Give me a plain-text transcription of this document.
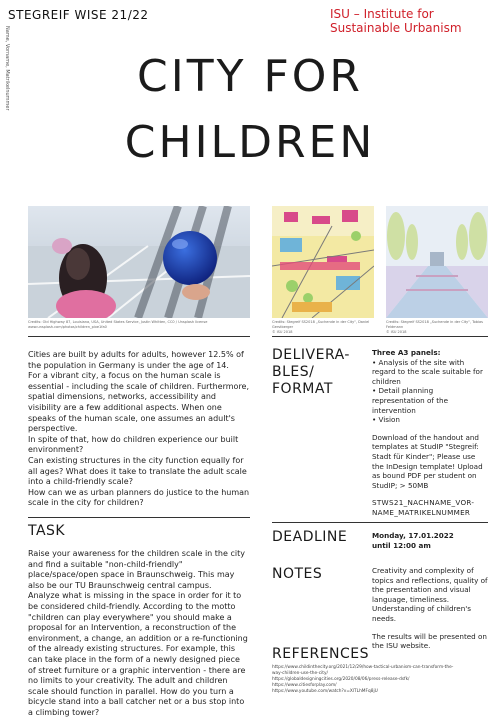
STEGREIF WISE 21/22	ISU – Institute for
Sustainable Urbanism
Name, Vorname, Matrikelnummer	CITY FOR
CHILDREN
Credits: Old Highway 87, Louisiana, USA, United States Service, Justin Whitten, CC0 / Unsplash license
www.unsplash.com/photos/children_pixe1fa0
Credits: Stegreif SS2018 „Suchende in der City", Daniel Gerstberger
© ISU 2018
Credits: Stegreif SS2018 „Suchende in der City", Tobias Feldmann
© ISU 2018

Cities are built by adults for adults, however 12.5% of the population in Germany is under the age of 14.

For a vibrant city, a focus on the human scale is essential - including the scale of children. Furthermore, spatial dimensions, networks, accessibility and visibility are a few additional aspects. When one speaks of the human scale, one assumes an adult's perspective.

In spite of that, how do children experience our built environment?

Can existing structures in the city function equally for all ages? What does it take to translate the adult scale into a child-friendly scale?

How can we as urban planners do justice to the human scale in the city for children?

TASK

Raise your awareness for the children scale in the city and find a suitable "non-child-friendly" place/space/open space in Braunschweig. This may also be our TU Braunschweig central campus.

Analyze what is missing in the space in order for it to be considered child-friendly. According to the motto "children can play everywhere" you should make a proposal for an Intervention, a reconstruction of the environment, a change, an addition or a re-functioning of the already existing structures. For example, this can take place in the form of a newly designed piece of street furniture or a graphic intervention - there are no limits to your creativity. The adult and children scale should function in parallel. How do you turn a bicycle stand into a ball catcher net or a bus stop into a climbing tower?

DELIVERA-
BLES/
FORMAT
Three A3 panels:
• Analysis of the site with regard to the scale suitable for children
• Detail planning representation of the intervention
• Vision
Download of the handout and templates at StudIP "Stegreif: Stadt für Kinder"; Please use the InDesign template! Upload as bound PDF per student on StudIP; > 50MB
STWS21_NACHNAME_VOR-
NAME_MATRIKELNUMMER
DEADLINE	Monday, 17.01.2022
until 12:00 am
NOTES	Creativity and complexity of topics and reflections, quality of the presentation and visual language, timeliness. Understanding of children's needs.
The results will be presented on the ISU website.
REFERENCES
https://www.childinthecity.org/2021/12/29/how-tactical-urbanism-can-transform-the-
way-children-use-the-city/
https://globaldesigningcities.org/2020/08/06/press-release-dsfk/
https://www.citiesforplay.com/
https://www.youtube.com/watch?v=XlTLhMFq8jU
